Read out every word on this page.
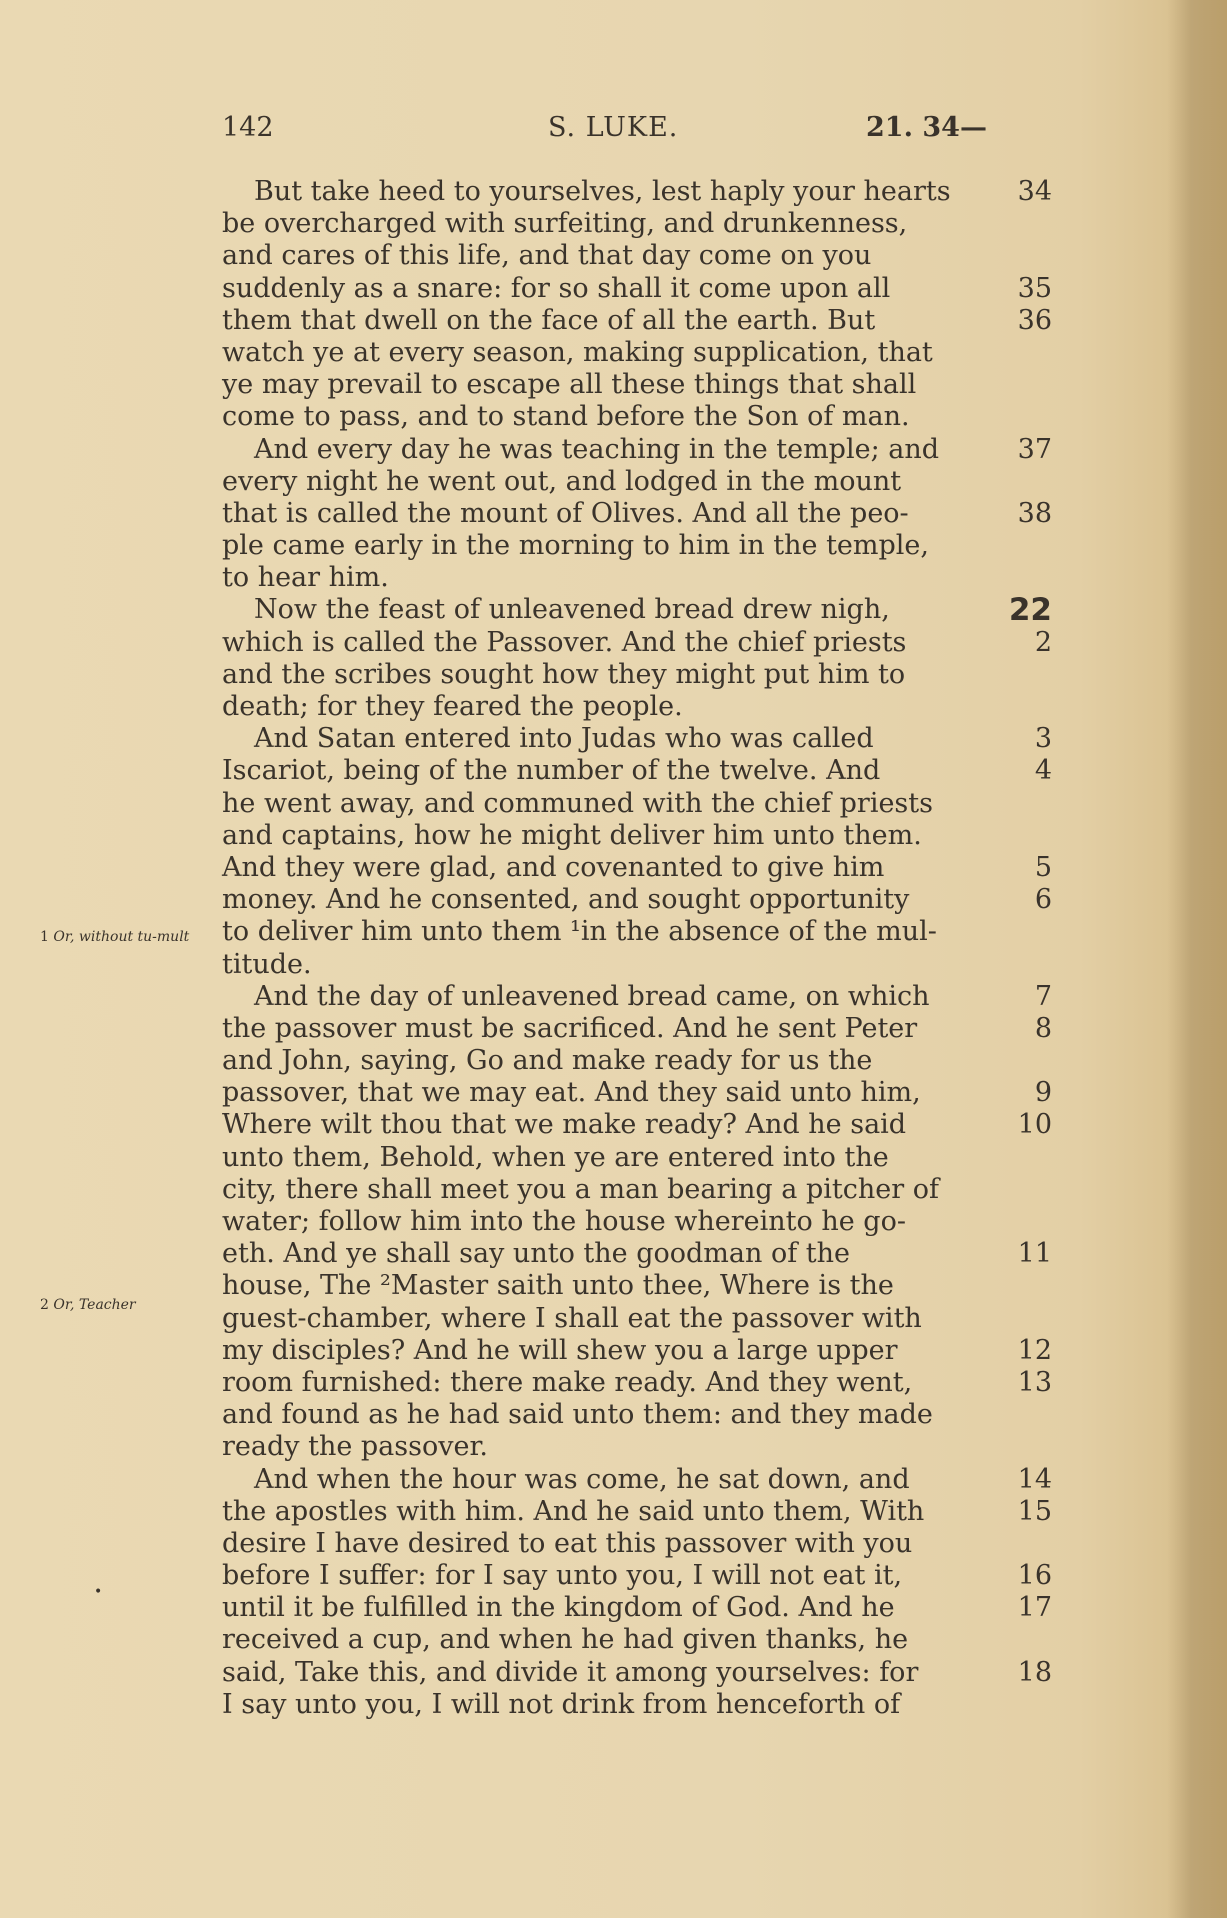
142	S. LUKE.	21. 34—
But take heed to yourselves, lest haply your hearts 34
be overcharged with surfeiting, and drunkenness,
and cares of this life, and that day come on you
suddenly as a snare: for so shall it come upon all	35
them that dwell on the face of all the earth. But	36
watch ye at every season, making supplication, that
ye may prevail to escape all these things that shall
come to pass, and to stand before the Son of man.
And every day he was teaching in the temple; and	37
every night he went out, and lodged in the mount
that is called the mount of Olives. And all the peo-	38
ple came early in the morning to him in the temple,
to hear him.
Now the feast of unleavened bread drew nigh,	22
which is called the Passover. And the chief priests	2
and the scribes sought how they might put him to
death; for they feared the people.
And Satan entered into Judas who was called	3
Iscariot, being of the number of the twelve. And	4
he went away, and communed with the chief priests
and captains, how he might deliver him unto them.
And they were glad, and covenanted to give him	5
money. And he consented, and sought opportunity	6
to deliver him unto them ¹in the absence of the mul-
titude.
And the day of unleavened bread came, on which	7
the passover must be sacrificed. And he sent Peter	8
and John, saying, Go and make ready for us the
passover, that we may eat. And they said unto him,	9
Where wilt thou that we make ready? And he said	10
unto them, Behold, when ye are entered into the
city, there shall meet you a man bearing a pitcher of
water; follow him into the house whereinto he go-
eth. And ye shall say unto the goodman of the	11
house, The ²Master saith unto thee, Where is the
guest-chamber, where I shall eat the passover with
my disciples? And he will shew you a large upper	12
room furnished: there make ready. And they went,	13
and found as he had said unto them: and they made
ready the passover.
And when the hour was come, he sat down, and	14
the apostles with him. And he said unto them, With	15
desire I have desired to eat this passover with you
before I suffer: for I say unto you, I will not eat it,	16
until it be fulfilled in the kingdom of God. And he	17
received a cup, and when he had given thanks, he
said, Take this, and divide it among yourselves: for	18
I say unto you, I will not drink from henceforth of
1 Or, without tu-mult
2 Or, Teacher
•
